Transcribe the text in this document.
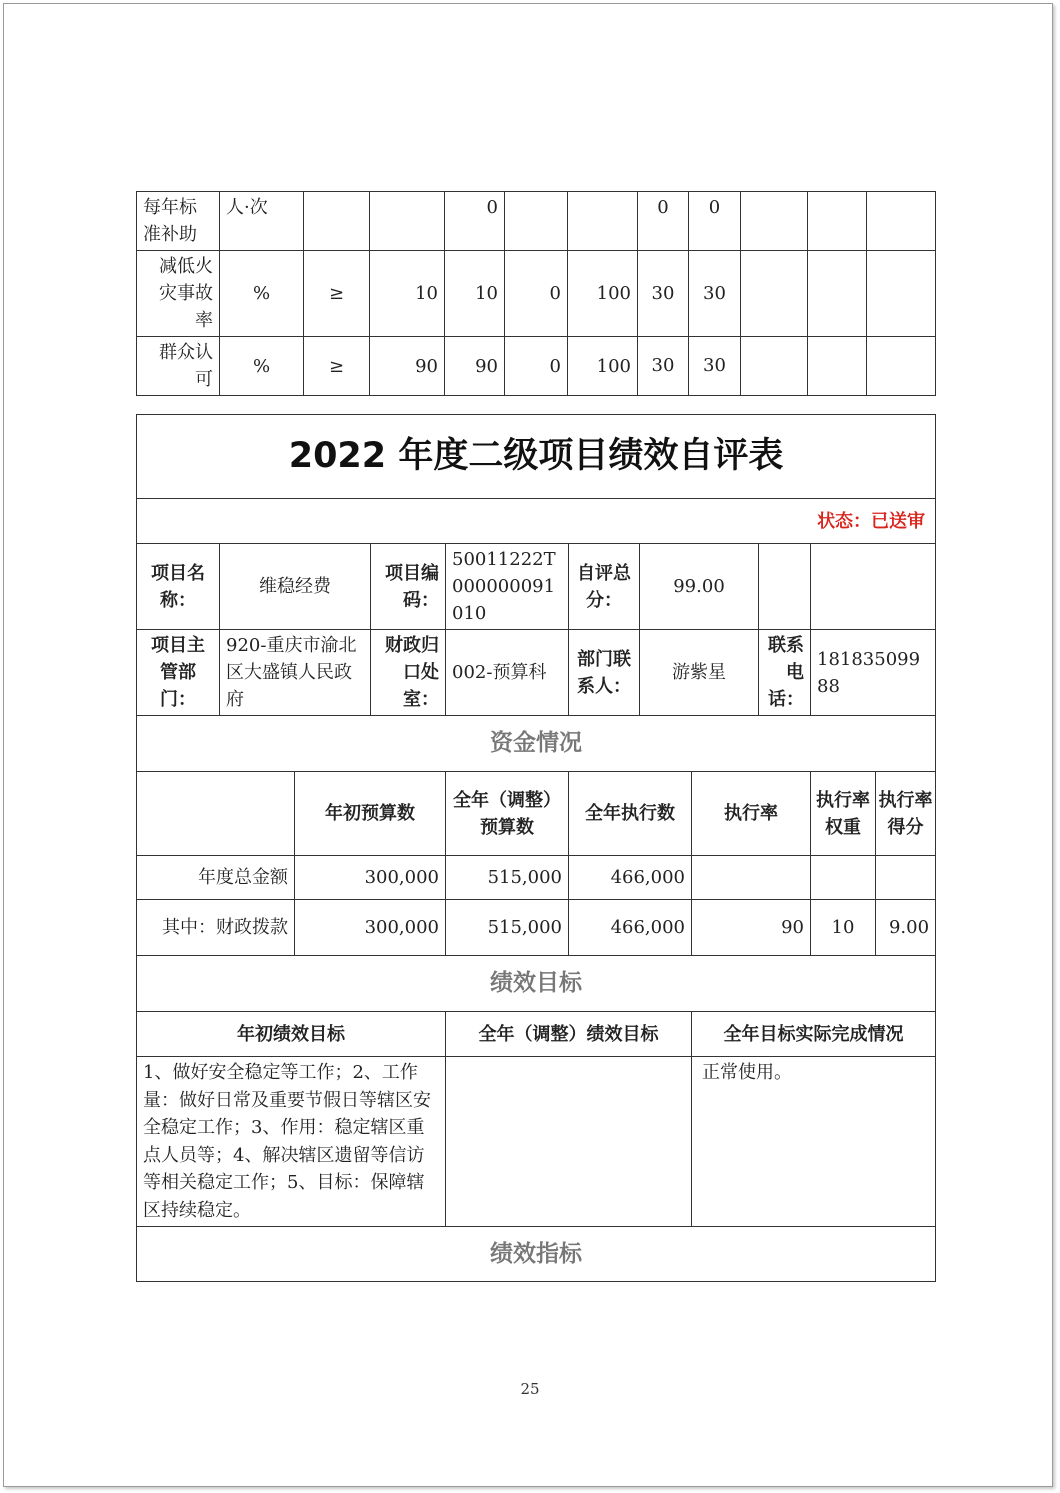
每年标准补助	人·次			0			0	0			
减低火灾事故率	%	≥	10	10	0	100	30	30			
群众认可	%	≥	90	90	0	100	30	30			
2022 年度二级项目绩效自评表										
状态：已送审										
项目名称：	维稳经费		项目编码：	50011222T000000091010	自评总分：	99.00				
项目主管部门：	920-重庆市渝北区大盛镇人民政府		财政归口处室：	002-预算科	部门联系人：	游紫星		联系电话：	18183509988	
资金情况										
		年初预算数		全年（调整）预算数	全年执行数		执行率		执行率权重	执行率得分
年度总金额		300,000		515,000	466,000					
其中：财政拨款		300,000		515,000	466,000		90		10	9.00
绩效目标										
年初绩效目标				全年（调整）绩效目标			全年目标实际完成情况			
1、做好安全稳定等工作；2、工作量：做好日常及重要节假日等辖区安全稳定工作；3、作用：稳定辖区重点人员等；4、解决辖区遗留等信访等相关稳定工作；5、目标：保障辖区持续稳定。							正常使用。			
绩效指标										
25
